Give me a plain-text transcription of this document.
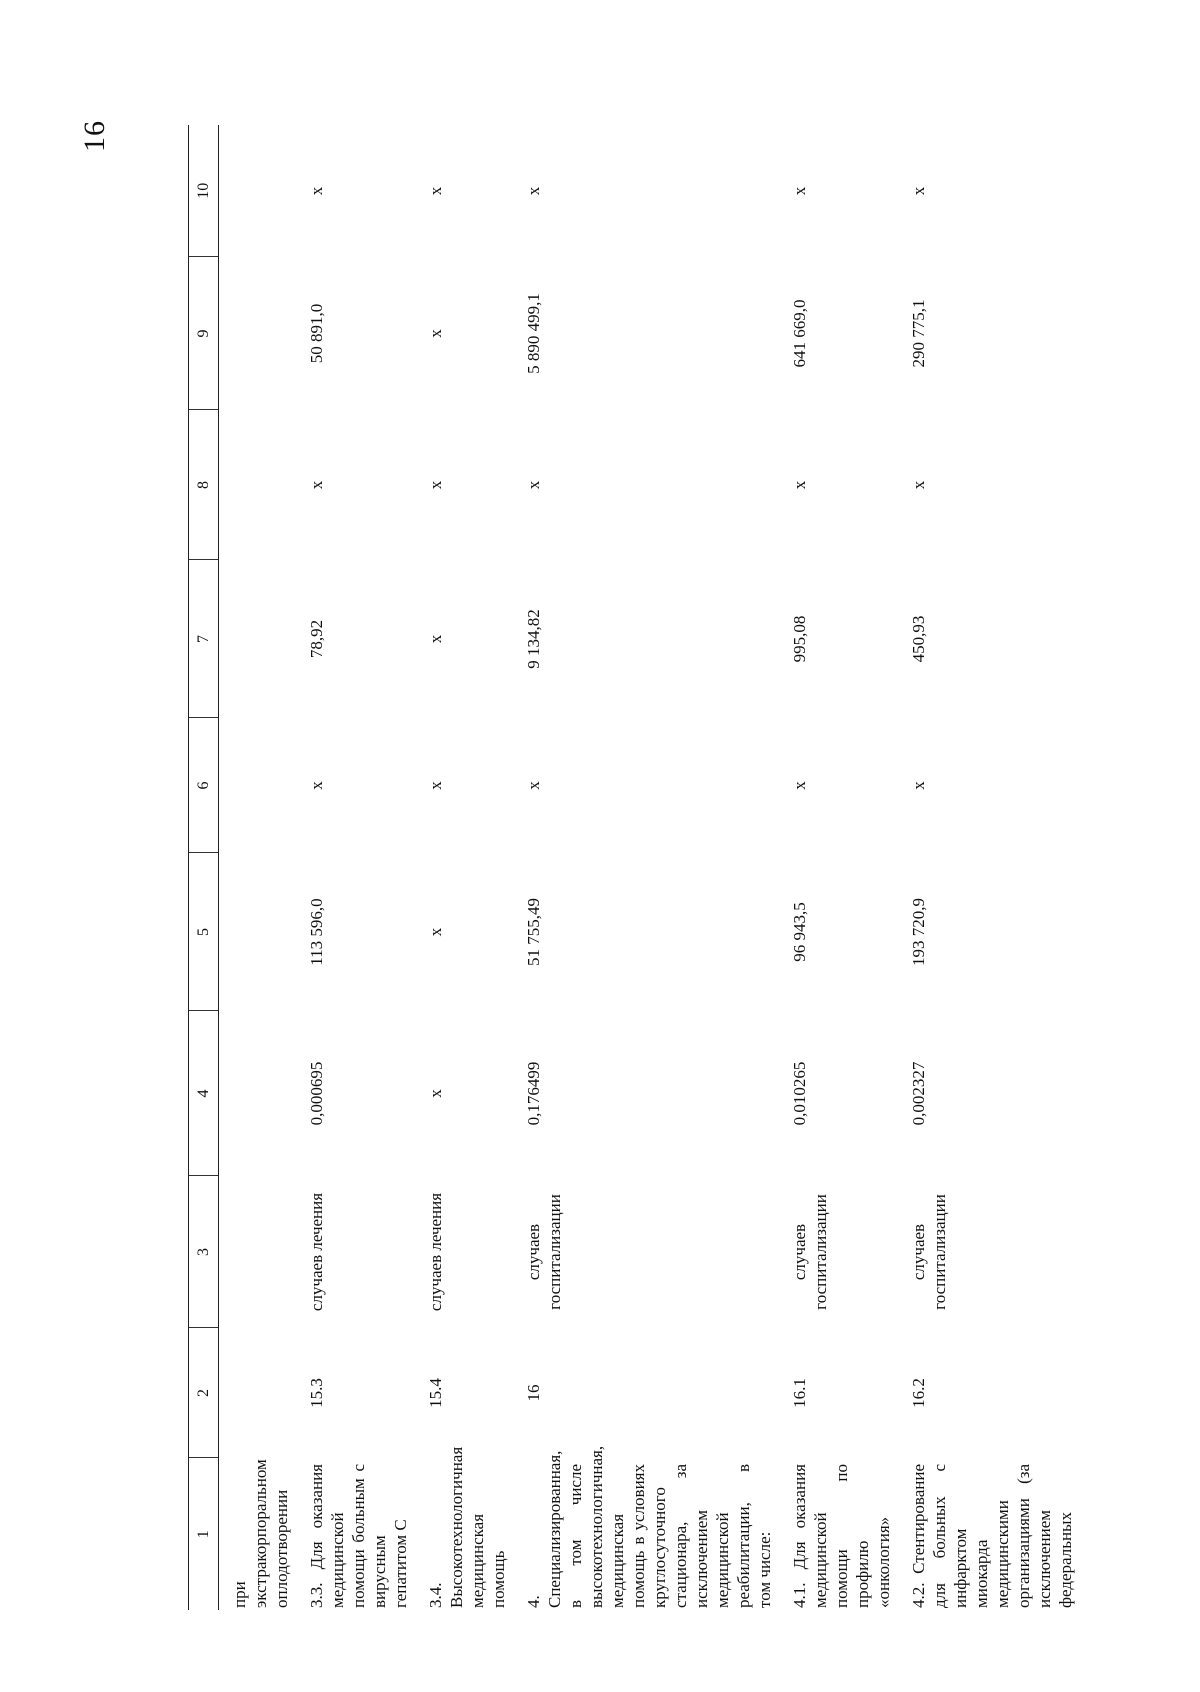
16
1	2	3	4	5	6	7	8	9	10
при экстракорпоральном оплодотворении									
3.3. Для оказания медицинской помощи больным с вирусным гепатитом С	15.3	случаев лечения	0,000695	113 596,0	х	78,92	х	50 891,0	х
3.4. Высокотехнологичная медицинская помощь	15.4	случаев лечения	х	х	х	х	х	х	х
4. Специализированная, в том числе высокотехнологичная, медицинская помощь в условиях круглосуточного стационара, за исключением медицинской реабилитации, в том числе:	16	случаев госпитализации	0,176499	51 755,49	х	9 134,82	х	5 890 499,1	х
4.1. Для оказания медицинской помощи по профилю «онкология»	16.1	случаев госпитализации	0,010265	96 943,5	х	995,08	х	641 669,0	х
4.2. Стентирование для больных с инфарктом миокарда медицинскими организациями (за исключением федеральных	16.2	случаев госпитализации	0,002327	193 720,9	х	450,93	х	290 775,1	х
